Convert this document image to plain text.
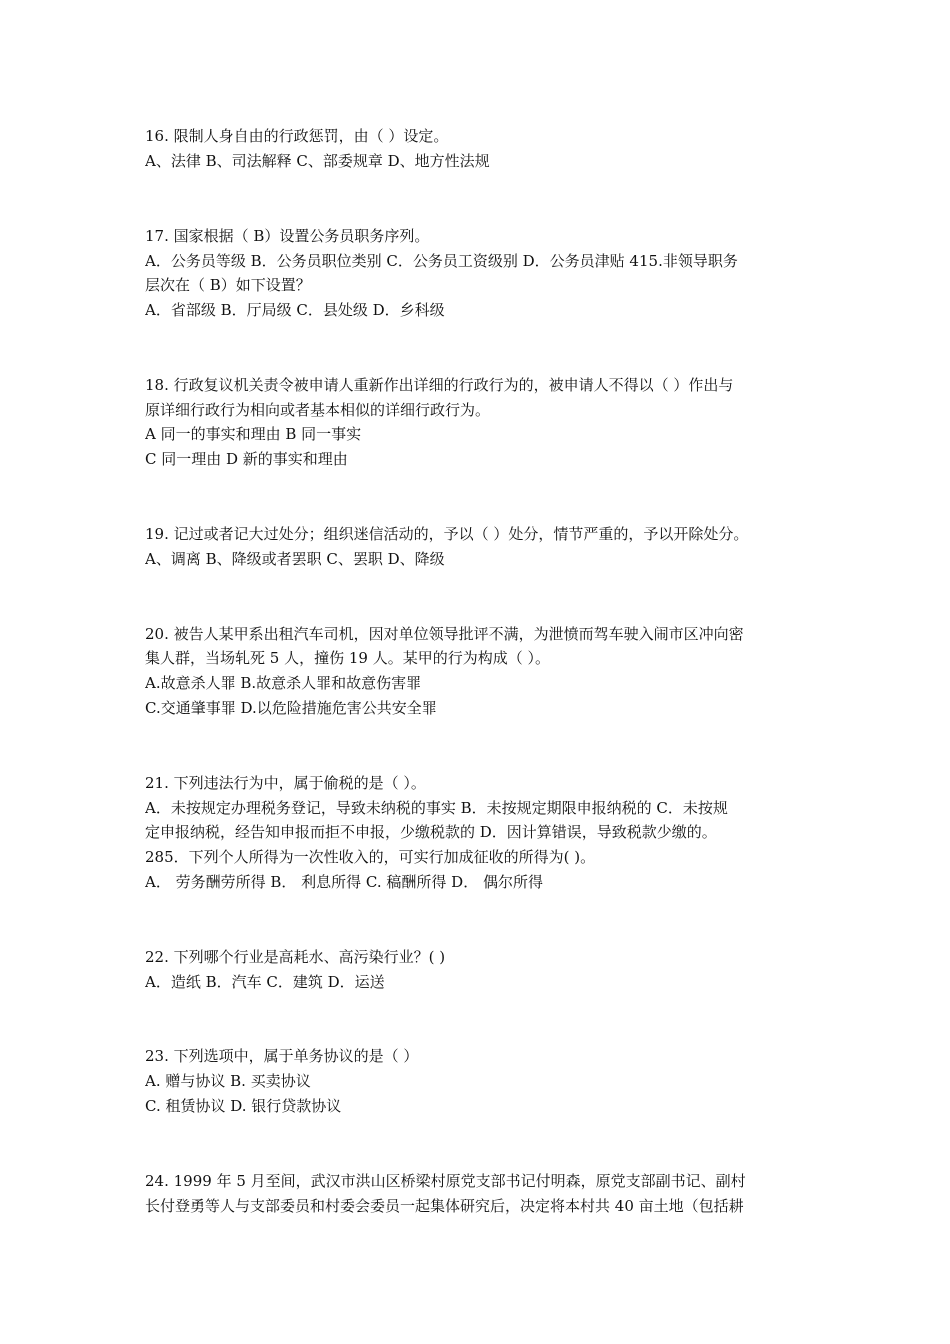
16. 限制人身自由的行政惩罚，由（ ）设定。
A、法律 B、司法解释 C、部委规章 D、地方性法规
17. 国家根据（ B）设置公务员职务序列。
A．公务员等级 B．公务员职位类别 C．公务员工资级别 D．公务员津贴 415.非领导职务
层次在（ B）如下设置？
A．省部级 B．厅局级 C．县处级 D．乡科级
18. 行政复议机关责令被申请人重新作出详细的行政行为的，被申请人不得以（ ）作出与
原详细行政行为相向或者基本相似的详细行政行为。
A 同一的事实和理由 B 同一事实
C 同一理由 D 新的事实和理由
19. 记过或者记大过处分；组织迷信活动的，予以（ ）处分，情节严重的，予以开除处分。
A、调离 B、降级或者罢职 C、罢职 D、降级
20. 被告人某甲系出租汽车司机，因对单位领导批评不满，为泄愤而驾车驶入闹市区冲向密
集人群，当场轧死 5 人，撞伤 19 人。某甲的行为构成（ ）。
A.故意杀人罪 B.故意杀人罪和故意伤害罪
C.交通肇事罪 D.以危险措施危害公共安全罪
21. 下列违法行为中，属于偷税的是（ ）。
A．未按规定办理税务登记，导致未纳税的事实 B．未按规定期限申报纳税的 C．未按规
定申报纳税，经告知申报而拒不申报，少缴税款的 D．因计算错误，导致税款少缴的。
285．下列个人所得为一次性收入的，可实行加成征收的所得为( )。
A． 劳务酬劳所得 B． 利息所得 C. 稿酬所得 D． 偶尔所得
22. 下列哪个行业是高耗水、高污染行业？( )
A．造纸 B．汽车 C．建筑 D．运送
23. 下列选项中，属于单务协议的是（ ）
A. 赠与协议 B. 买卖协议
C. 租赁协议 D. 银行贷款协议
24. 1999 年 5 月至间，武汉市洪山区桥梁村原党支部书记付明森，原党支部副书记、副村
长付登勇等人与支部委员和村委会委员一起集体研究后，决定将本村共 40 亩土地（包括耕
